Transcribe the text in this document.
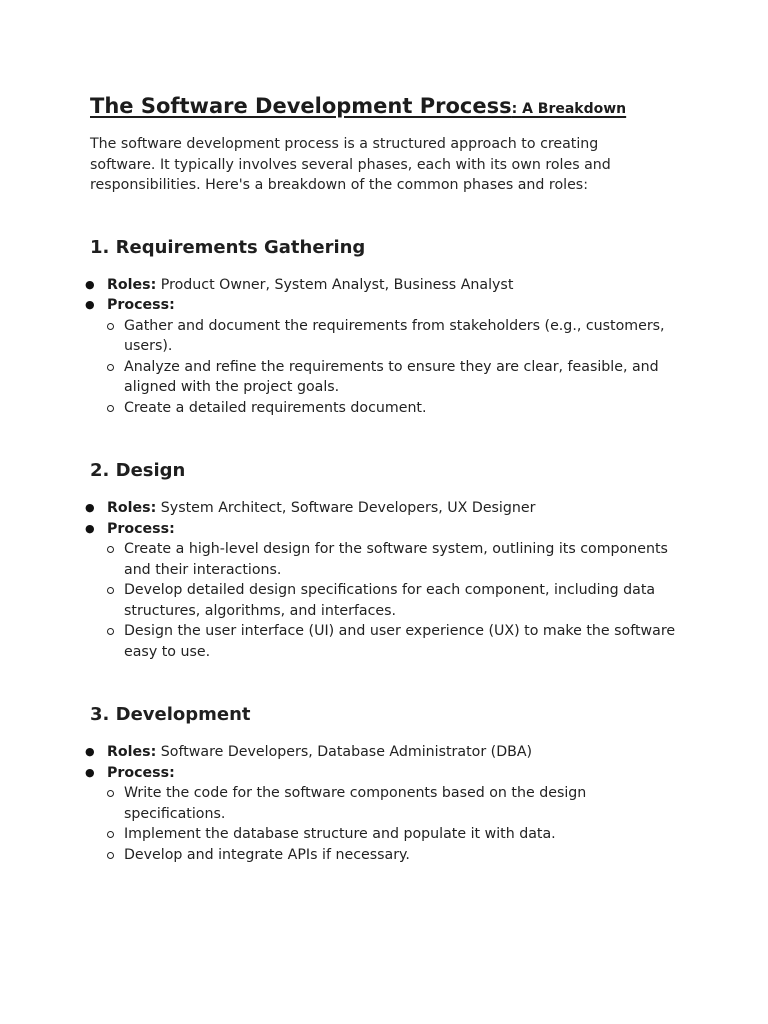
The Software Development Process: A Breakdown

The software development process is a structured approach to creating software. It typically involves several phases, each with its own roles and responsibilities. Here's a breakdown of the common phases and roles:

1. Requirements Gathering
● Roles: Product Owner, System Analyst, Business Analyst
● Process:
Gather and document the requirements from stakeholders (e.g., customers, users).
Analyze and refine the requirements to ensure they are clear, feasible, and aligned with the project goals.
Create a detailed requirements document.
2. Design
● Roles: System Architect, Software Developers, UX Designer
● Process:
Create a high-level design for the software system, outlining its components and their interactions.
Develop detailed design specifications for each component, including data structures, algorithms, and interfaces.
Design the user interface (UI) and user experience (UX) to make the software easy to use.
3. Development
● Roles: Software Developers, Database Administrator (DBA)
● Process:
Write the code for the software components based on the design specifications.
Implement the database structure and populate it with data.
Develop and integrate APIs if necessary.
